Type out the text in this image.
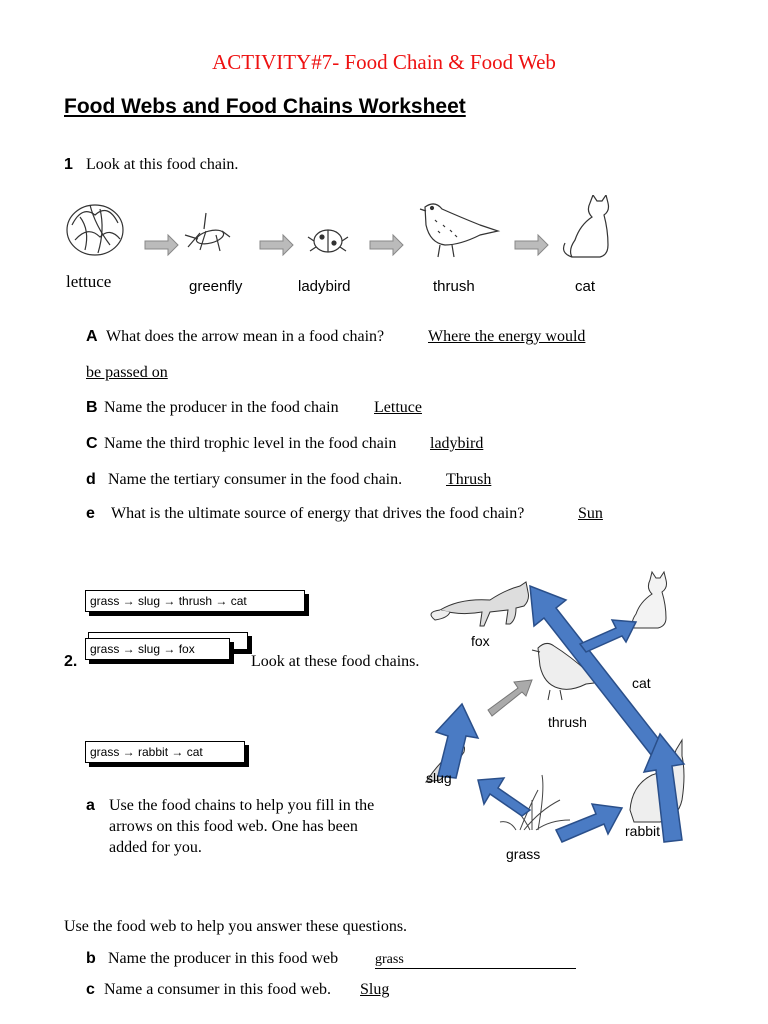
ACTIVITY#7- Food Chain & Food Web
Food Webs and Food Chains Worksheet
1 Look at this food chain.
lettuce	greenfly	ladybird	thrush	cat
A What does the arrow mean in a food chain?	Where the energy would
be passed on
B Name the producer in the food chain Lettuce
C Name the third trophic level in the food chain ladybird
d Name the tertiary consumer in the food chain.	Thrush
e What is the ultimate source of energy that drives the food chain?	Sun
grass → slug → thrush → cat
grass → slug → fox
2.	Look at these food chains.
grass → rabbit → cat
a Use the food chains to help you fill in the
arrows on this food web. One has been
added for you.
fox
cat
thrush
slug
rabbit
grass
Use the food web to help you answer these questions.
b Name the producer in this food web	grass
c Name a consumer in this food web. Slug
